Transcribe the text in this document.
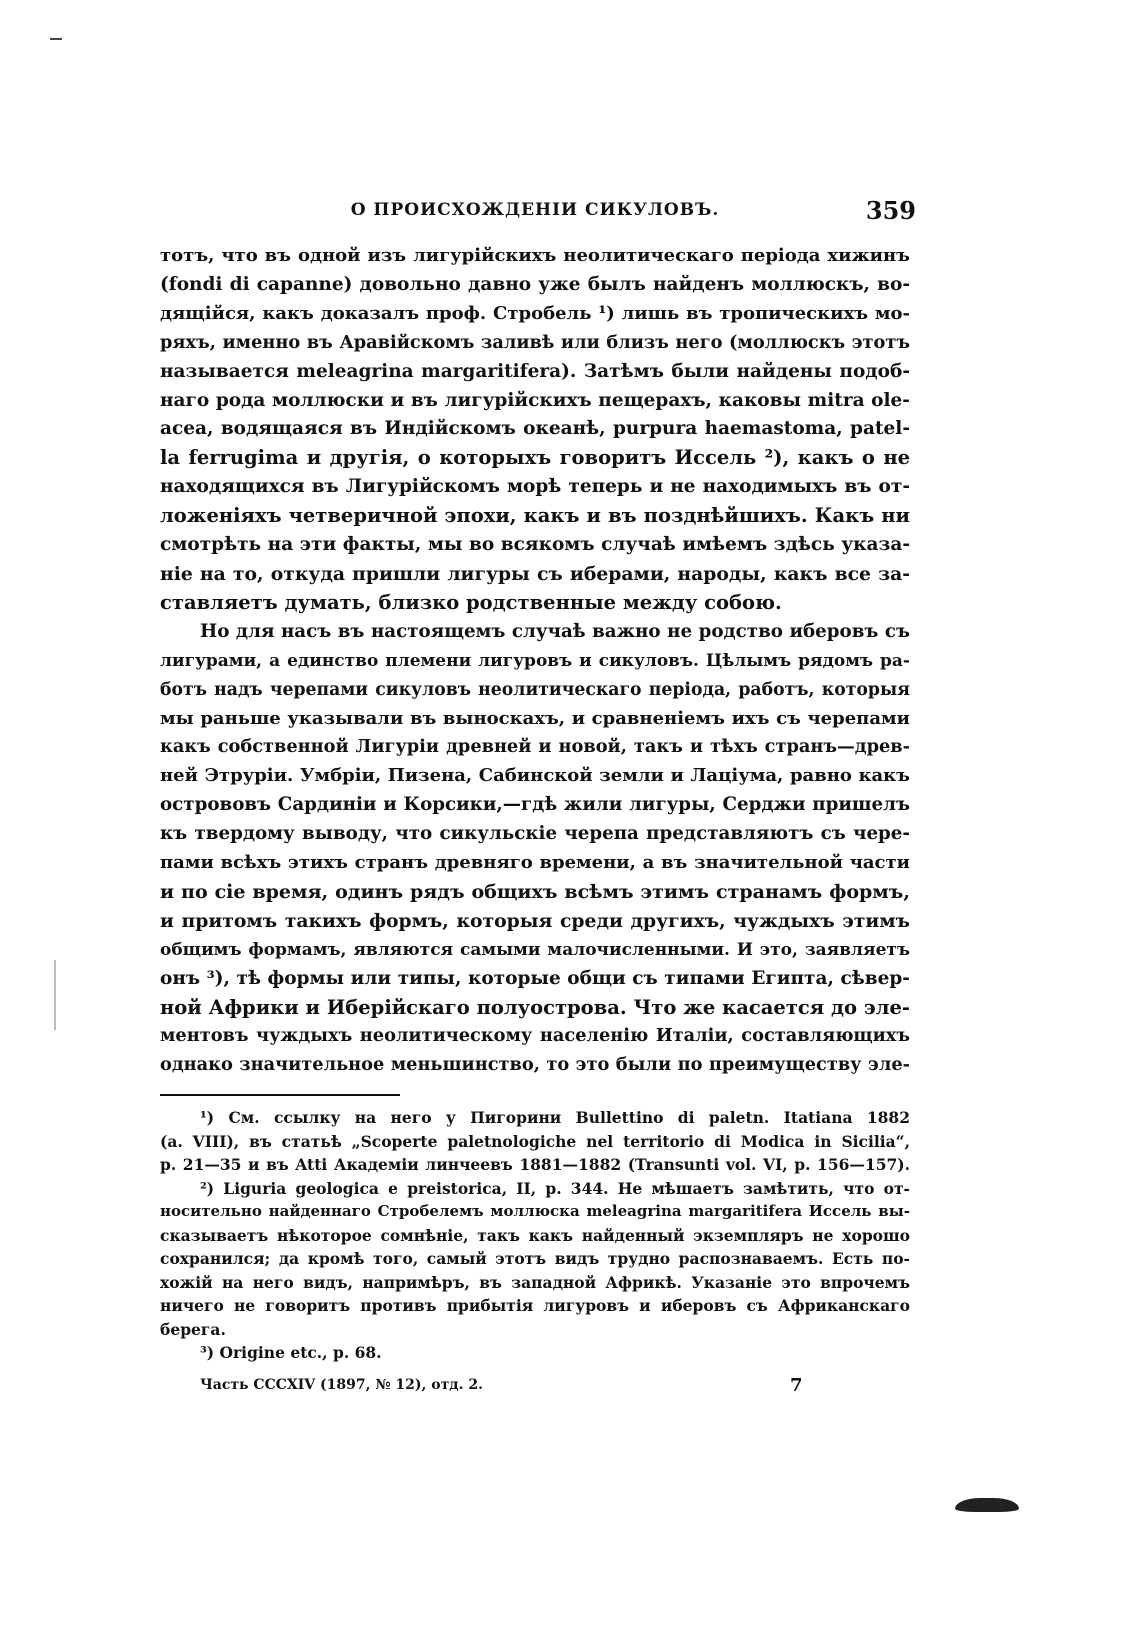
О ПРОИСХОЖДЕНІИ СИКУЛОВЪ.	359
тотъ, что въ одной изъ лигурійскихъ неолитическаго періода хижинъ
(fondi di capanne) довольно давно уже былъ найденъ моллюскъ, во-
дящійся, какъ доказалъ проф. Стробель ¹) лишь въ тропическихъ мо-
ряхъ, именно въ Аравійскомъ заливѣ или близъ него (моллюскъ этотъ
называется meleagrina margaritifera). Затѣмъ были найдены подоб-
наго рода моллюски и въ лигурійскихъ пещерахъ, каковы mitra ole-
acea, водящаяся въ Индійскомъ океанѣ, purpura haemastoma, patel-
la ferrugima и другія, о которыхъ говоритъ Иссель ²), какъ о не
находящихся въ Лигурійскомъ морѣ теперь и не находимыхъ въ от-
ложеніяхъ четверичной эпохи, какъ и въ позднѣйшихъ. Какъ ни
смотрѣть на эти факты, мы во всякомъ случаѣ имѣемъ здѣсь указа-
ніе на то, откуда пришли лигуры съ иберами, народы, какъ все за-
ставляетъ думать, близко родственные между собою.
Но для насъ въ настоящемъ случаѣ важно не родство иберовъ съ
лигурами, а единство племени лигуровъ и сикуловъ. Цѣлымъ рядомъ ра-
ботъ надъ черепами сикуловъ неолитическаго періода, работъ, которыя
мы раньше указывали въ выноскахъ, и сравненіемъ ихъ съ черепами
какъ собственной Лигуріи древней и новой, такъ и тѣхъ странъ—древ-
ней Этруріи. Умбріи, Пизена, Сабинской земли и Лаціума, равно какъ
острововъ Сардиніи и Корсики,—гдѣ жили лигуры, Серджи пришелъ
къ твердому выводу, что сикульскіе черепа представляютъ съ чере-
пами всѣхъ этихъ странъ древняго времени, а въ значительной части
и по сіе время, одинъ рядъ общихъ всѣмъ этимъ странамъ формъ,
и притомъ такихъ формъ, которыя среди другихъ, чуждыхъ этимъ
общимъ формамъ, являются самыми малочисленными. И это, заявляетъ
онъ ³), тѣ формы или типы, которые общи съ типами Египта, сѣвер-
ной Африки и Иберійскаго полуострова. Что же касается до эле-
ментовъ чуждыхъ неолитическому населенію Италіи, составляющихъ
однако значительное меньшинство, то это были по преимуществу эле-
¹) См. ссылку на него у Пигорини Bullettino di paletn. Itatiana 1882
(a. VIII), въ статьѣ „Scoperte paletnologiche nel territorio di Modica in Sicilia“,
p. 21—35 и въ Atti Академіи линчеевъ 1881—1882 (Transunti vol. VI, p. 156—157).
²) Liguria geologica e preistorica, II, p. 344. Не мѣшаетъ замѣтить, что от-
носительно найденнаго Стробелемъ моллюска meleagrina margaritifera Иссель вы-
сказываетъ нѣкоторое сомнѣніе, такъ какъ найденный экземпляръ не хорошо
сохранился; да кромѣ того, самый этотъ видъ трудно распознаваемъ. Есть по-
хожій на него видъ, напримѣръ, въ западной Африкѣ. Указаніе это впрочемъ
ничего не говоритъ противъ прибытія лигуровъ и иберовъ съ Африканскаго
берега.
³) Origine etc., p. 68.
Часть CCCXIV (1897, № 12), отд. 2.	7
